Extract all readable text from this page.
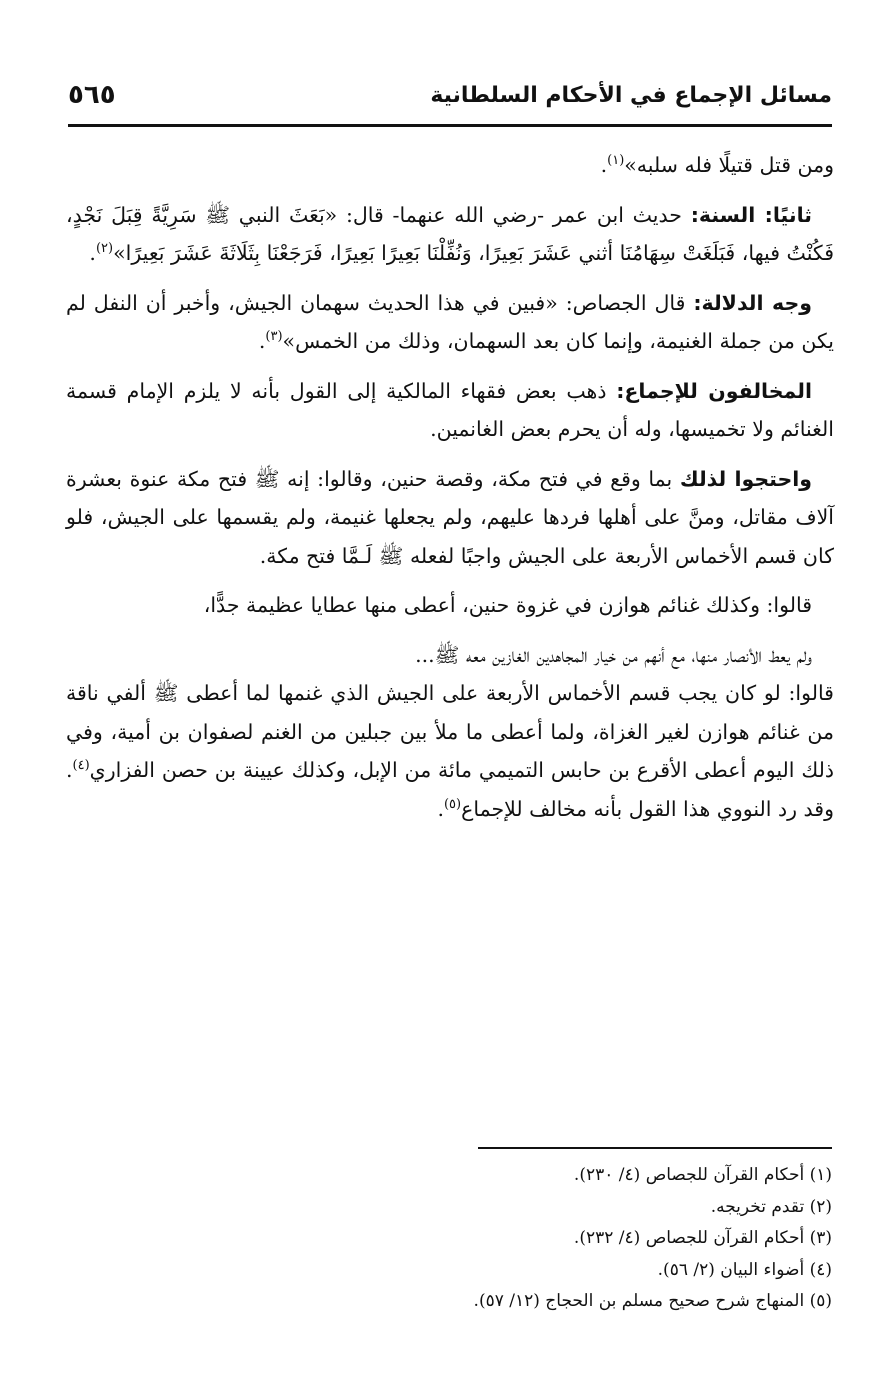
مسائل الإجماع في الأحكام السلطانية
٥٦٥

ومن قتل قتيلًا فله سلبه»$^{(١)}$.

ثانيًا: السنة: حديث ابن عمر -رضي الله عنهما- قال: «بَعَثَ النبي ﷺ سَرِيَّةً قِبَلَ نَجْدٍ، فَكُنْتُ فيها، فَبَلَغَتْ سِهَامُنَا أثني عَشَرَ بَعِيرًا، وَنُفِّلْنَا بَعِيرًا بَعِيرًا، فَرَجَعْنَا بِثَلَاثَةَ عَشَرَ بَعِيرًا»$^{(٢)}$.

وجه الدلالة: قال الجصاص: «فبين في هذا الحديث سهمان الجيش، وأخبر أن النفل لم يكن من جملة الغنيمة، وإنما كان بعد السهمان، وذلك من الخمس»$^{(٣)}$.

المخالفون للإجماع: ذهب بعض فقهاء المالكية إلى القول بأنه لا يلزم الإمام قسمة الغنائم ولا تخميسها، وله أن يحرم بعض الغانمين.

واحتجوا لذلك بما وقع في فتح مكة، وقصة حنين، وقالوا: إنه ﷺ فتح مكة عنوة بعشرة آلاف مقاتل، ومنَّ على أهلها فردها عليهم، ولم يجعلها غنيمة، ولم يقسمها على الجيش، فلو كان قسم الأخماس الأربعة على الجيش واجبًا لفعله ﷺ لَـمَّا فتح مكة.

قالوا: وكذلك غنائم هوازن في غزوة حنين، أعطى منها عطايا عظيمة جدًّا،

ولم يعط الأنصار منها، مع أنهم من خيار المجاهدين الغازين معه ﷺ...

قالوا: لو كان يجب قسم الأخماس الأربعة على الجيش الذي غنمها لما أعطى ﷺ ألفي ناقة من غنائم هوازن لغير الغزاة، ولما أعطى ما ملأ بين جبلين من الغنم لصفوان بن أمية، وفي ذلك اليوم أعطى الأقرع بن حابس التميمي مائة من الإبل، وكذلك عيينة بن حصن الفزاري$^{(٤)}$. وقد رد النووي هذا القول بأنه مخالف للإجماع$^{(٥)}$.

(١) أحكام القرآن للجصاص (٤/ ٢٣٠).
(٢) تقدم تخريجه.
(٣) أحكام القرآن للجصاص (٤/ ٢٣٢).
(٤) أضواء البيان (٢/ ٥٦).
(٥) المنهاج شرح صحيح مسلم بن الحجاج (١٢/ ٥٧).
